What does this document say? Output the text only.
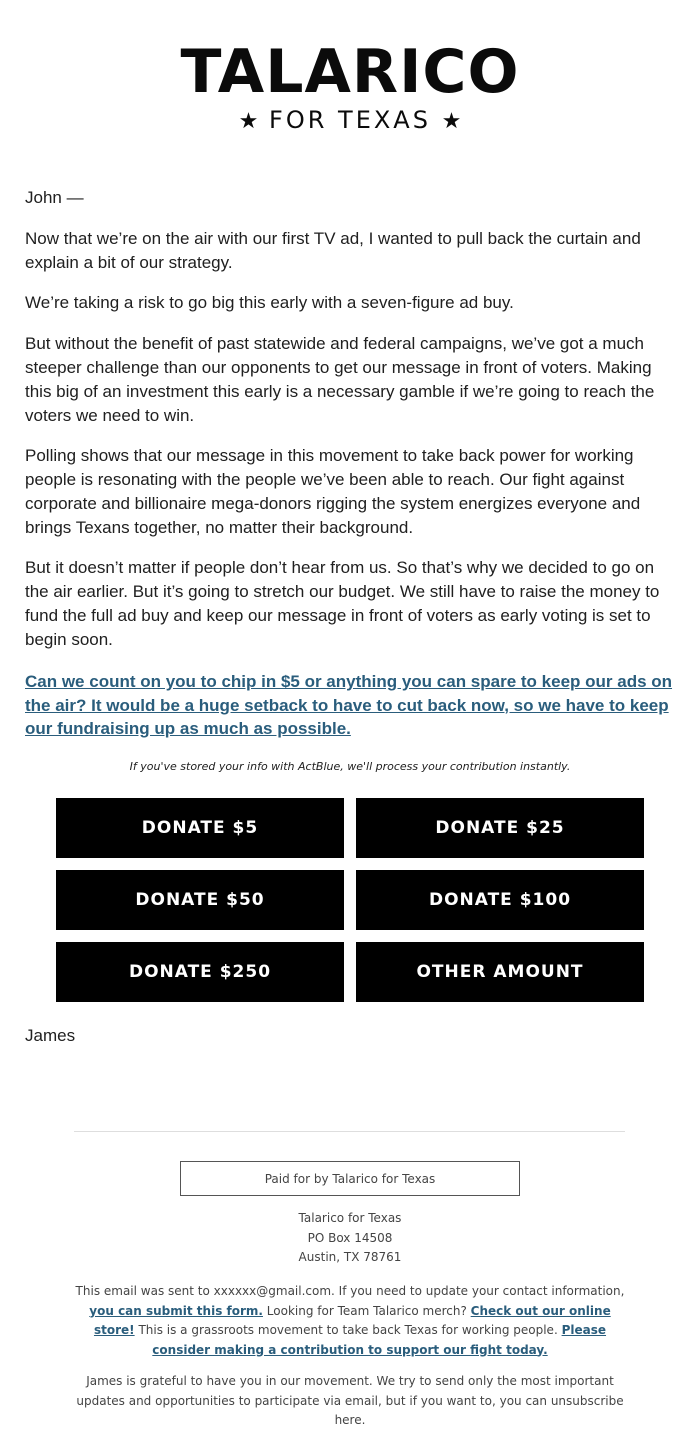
TALARICO
★ FOR TEXAS ★

John —

Now that we’re on the air with our first TV ad, I wanted to pull back the curtain and explain a bit of our strategy.

We’re taking a risk to go big this early with a seven-figure ad buy.

But without the benefit of past statewide and federal campaigns, we’ve got a much steeper challenge than our opponents to get our message in front of voters. Making this big of an investment this early is a necessary gamble if we’re going to reach the voters we need to win.

Polling shows that our message in this movement to take back power for working people is resonating with the people we’ve been able to reach. Our fight against corporate and billionaire mega-donors rigging the system energizes everyone and brings Texans together, no matter their background.

But it doesn’t matter if people don’t hear from us. So that’s why we decided to go on the air earlier. But it’s going to stretch our budget. We still have to raise the money to fund the full ad buy and keep our message in front of voters as early voting is set to begin soon.

Can we count on you to chip in $5 or anything you can spare to keep our ads on the air? It would be a huge setback to have to cut back now, so we have to keep our fundraising up as much as possible.
If you've stored your info with ActBlue, we'll process your contribution instantly.
DONATE $5	DONATE $25
DONATE $50	DONATE $100
DONATE $250	OTHER AMOUNT

James

Paid for by Talarico for Texas
Talarico for Texas
PO Box 14508
Austin, TX 78761

This email was sent to xxxxxx@gmail.com. If you need to update your contact information, you can submit this form. Looking for Team Talarico merch? Check out our online store! This is a grassroots movement to take back Texas for working people. Please consider making a contribution to support our fight today.

James is grateful to have you in our movement. We try to send only the most important updates and opportunities to participate via email, but if you want to, you can unsubscribe here.
